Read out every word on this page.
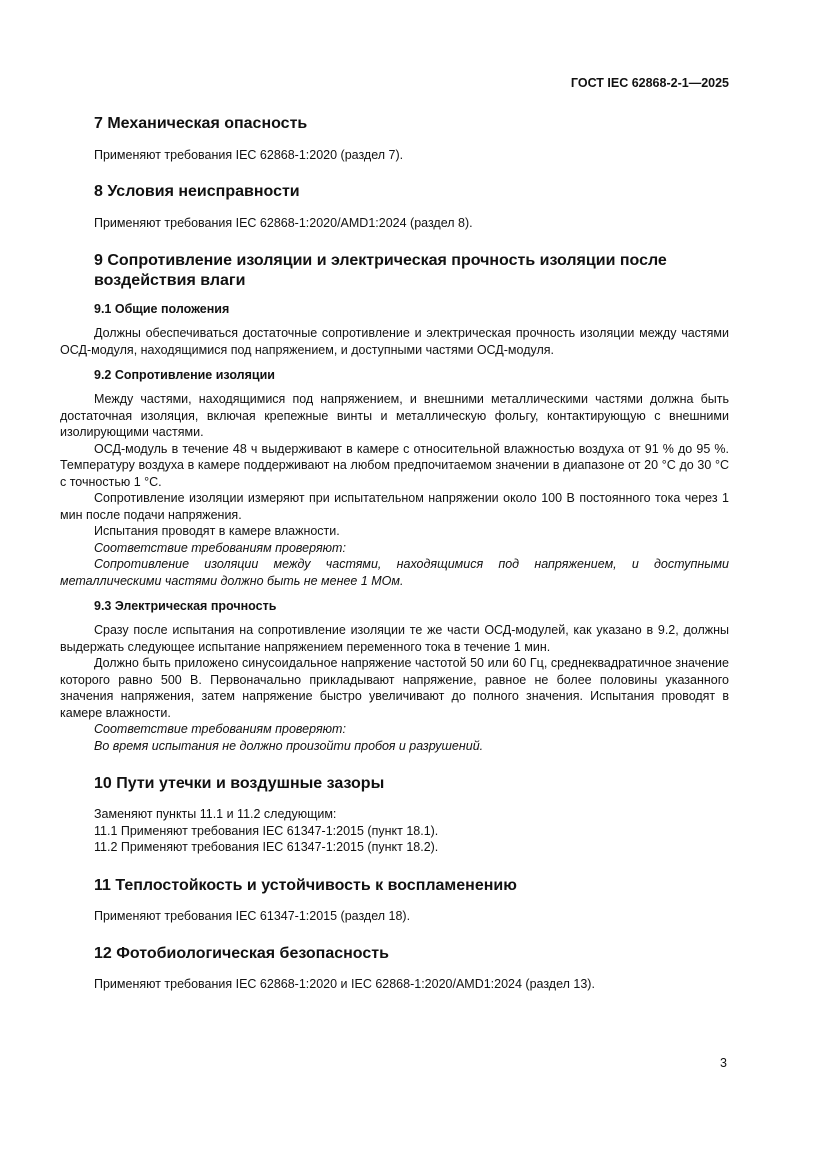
ГОСТ IEC 62868-2-1—2025
7 Механическая опасность

Применяют требования IEC 62868-1:2020 (раздел 7).

8 Условия неисправности

Применяют требования IEC 62868-1:2020/AMD1:2024 (раздел 8).

9 Сопротивление изоляции и электрическая прочность изоляции после
воздействия влаги
9.1 Общие положения

Должны обеспечиваться достаточные сопротивление и электрическая прочность изоляции между частями ОСД-модуля, находящимися под напряжением, и доступными частями ОСД-модуля.

9.2 Сопротивление изоляции

Между частями, находящимися под напряжением, и внешними металлическими частями должна быть достаточная изоляция, включая крепежные винты и металлическую фольгу, контактирующую с внешними изолирующими частями.

ОСД-модуль в течение 48 ч выдерживают в камере с относительной влажностью воздуха от 91 % до 95 %. Температуру воздуха в камере поддерживают на любом предпочитаемом значении в диапазоне от 20 °С до 30 °С с точностью 1 °С.

Сопротивление изоляции измеряют при испытательном напряжении около 100 В постоянного тока через 1 мин после подачи напряжения.

Испытания проводят в камере влажности.

Соответствие требованиям проверяют:

Сопротивление изоляции между частями, находящимися под напряжением, и доступными металлическими частями должно быть не менее 1 МОм.

9.3 Электрическая прочность

Сразу после испытания на сопротивление изоляции те же части ОСД-модулей, как указано в 9.2, должны выдержать следующее испытание напряжением переменного тока в течение 1 мин.

Должно быть приложено синусоидальное напряжение частотой 50 или 60 Гц, среднеквадратичное значение которого равно 500 В. Первоначально прикладывают напряжение, равное не более половины указанного значения напряжения, затем напряжение быстро увеличивают до полного значения. Испытания проводят в камере влажности.

Соответствие требованиям проверяют:

Во время испытания не должно произойти пробоя и разрушений.

10 Пути утечки и воздушные зазоры

Заменяют пункты 11.1 и 11.2 следующим:

11.1 Применяют требования IEC 61347-1:2015 (пункт 18.1).

11.2 Применяют требования IEC 61347-1:2015 (пункт 18.2).

11 Теплостойкость и устойчивость к воспламенению

Применяют требования IEC 61347-1:2015 (раздел 18).

12 Фотобиологическая безопасность

Применяют требования IEC 62868-1:2020 и IEC 62868-1:2020/AMD1:2024 (раздел 13).

3
